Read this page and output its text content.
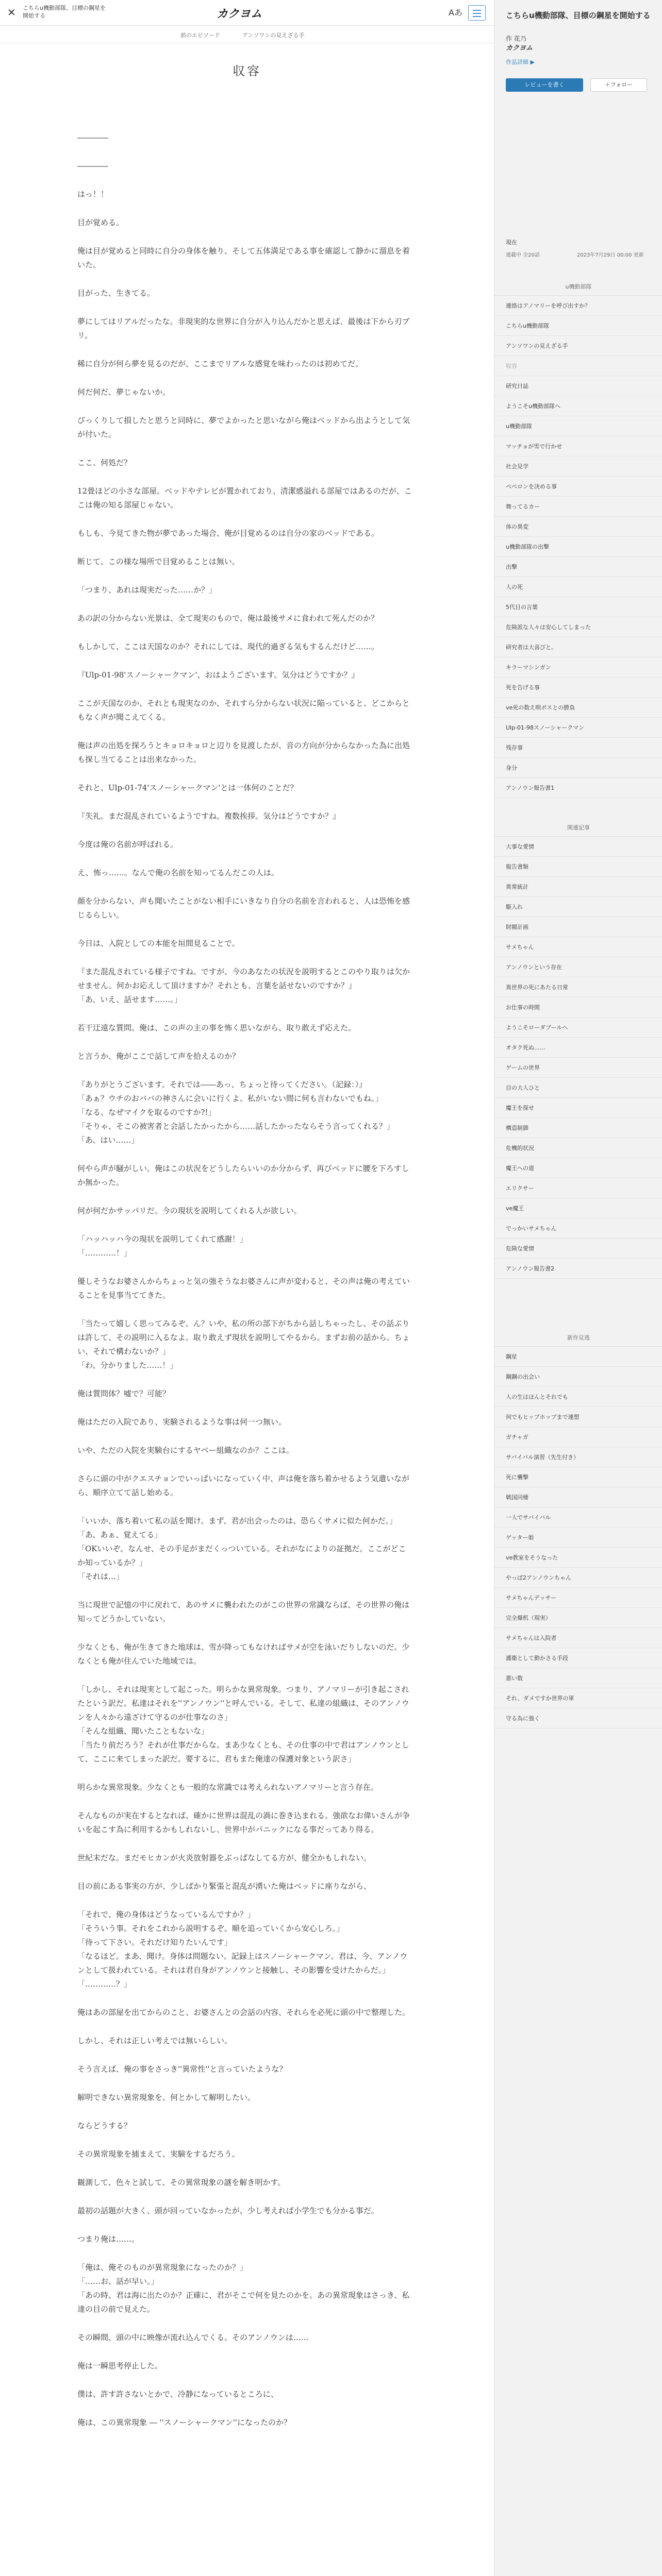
✕ こちらu機動部隊、目標の鋼星を開始する	カクヨム	Aあ
前のエピソード	アンソワンの見えざる手
収容

――――

――――

はっ！！

目が覚める。

俺は目が覚めると同時に自分の身体を触り、そして五体満足である事を確認して静かに溜息を着いた。

目がった、生きてる。

夢にしてはリアルだったな。非現実的な世界に自分が入り込んだかと思えば、最後は下から刃ブリ。

稀に自分が何ら夢を見るのだが、ここまでリアルな感覚を味わったのは初めてだ。

何だ何だ、夢じゃないか。

びっくりして損したと思うと同時に、夢でよかったと思いながら俺はベッドから出ようとして気が付いた。

ここ、何処だ？

12畳ほどの小さな部屋。ベッドやテレビが置かれており、清潔感溢れる部屋ではあるのだが、ここは俺の知る部屋じゃない。

もしも、今見てきた物が夢であった場合、俺が目覚めるのは自分の家のベッドである。

断じて、この様な場所で目覚めることは無い。

「つまり、あれは現実だった……か？」

あの訳の分からない光景は、全て現実のもので、俺は最後サメに食われて死んだのか？

もしかして、ここは天国なのか？それにしては、現代的過ぎる気もするんだけど……。

『Ulp-01-98'スノーシャークマン'、おはようございます。気分はどうですか？』

ここが天国なのか、それとも現実なのか、それすら分からない状況に陥っていると、どこからともなく声が聞こえてくる。

俺は声の出処を探ろうとキョロキョロと辺りを見渡したが、音の方向が分からなかった為に出処も探し当てることは出来なかった。

それと、Ulp-01-74'スノーシャークマン'とは一体何のことだ？

『失礼。まだ混乱されているようですね。複数挨拶。気分はどうですか？』

今度は俺の名前が呼ばれる。

え、怖っ……。なんで俺の名前を知ってるんだこの人は。

顔を分からない、声も聞いたことがない相手にいきなり自分の名前を言われると、人は恐怖を感じるらしい。

今日は、入院としての本能を垣間見ることで。

『また混乱されている様子ですね。ですが、今のあなたの状況を説明するとこのやり取りは欠かせません。何かお応えして頂けますか？それとも、言葉を話せないのですか？』
「あ、いえ、話せます……。」

若干迂遠な質問。俺は、この声の主の事を怖く思いながら、取り敢えず応えた。

と言うか、俺がここで話して声を拾えるのか？

『ありがとうございます。それでは――あっ、ちょっと待ってください。（記録：）』
「あぁ？ウチのおババの神さんに会いに行くよ。私がいない間に何も言わないでもね。」
「なる、なぜマイクを取るのですか?!」
「そりゃ、そこの被害者と会話したかったから……話したかったならそう言ってくれる？」
「あ、はい……」

何やら声が騒がしい。俺はこの状況をどうしたらいいのか分からず、再びベッドに腰を下ろすしか無かった。

何が何だかサッパリだ。今の現状を説明してくれる人が欲しい。

「ハッハッハ今の現状を説明してくれて感謝！」
「…………！」

優しそうなお婆さんからちょっと気の強そうなお婆さんに声が変わると、その声は俺の考えていることを見事当ててきた。

「当たって嬉しく思ってみるぞ。ん？いや、私の所の部下がちから話しちゃったし、その話ぶりは許して、その説明に入るなよ。取り敢えず現状を説明してやるから。まずお前の話から。ちょい、それで構わないか？」
「わ、分かりました……！」

俺は質問体？嘘で？可能？

俺はただの入院であり、実験されるような事は何一つ無い。

いや、ただの入院を実験台にするヤベー組織なのか？ここは。

さらに頭の中がクエスチョンでいっぱいになっていく中、声は俺を落ち着かせるよう気遣いながら、順序立てて話し始める。

「いいか、落ち着いて私の話を聞け。まず、君が出会ったのは、恐らくサメに似た何かだ。」
「あ、あぁ、覚えてる」
「OKいいぞ。なんせ、その手足がまだくっついている。それがなによりの証拠だ。ここがどこか知っているか？」
「それは…」

当に現世で記憶の中に戻れて、あのサメに襲われたのがこの世界の常識ならば、その世界の俺は知ってどうかしていない。

少なくとも、俺が生きてきた地球は、雪が降ってもなければサメが空を泳いだりしないのだ。少なくとも俺が住んでいた地域では。

「しかし、それは現実として起こった。明らかな異常現象。つまり、アノマリーが引き起こされたという訳だ。私達はそれを''アンノウン''と呼んでいる。そして、私達の組織は、そのアンノウンを人々から遠ざけて守るのが仕事なのさ」
「そんな組織、聞いたこともないな」
「当たり前だろう？それが仕事だからな。まあ少なくとも、その仕事の中で君はアンノウンとして、ここに来てしまった訳だ。要するに、君もまた俺達の保護対象という訳さ」

明らかな異常現象。少なくとも一般的な常識では考えられないアノマリーと言う存在。

そんなものが実在するとなれば、確かに世界は混乱の渦に巻き込まれる。強欲なお偉いさんが争いを起こす為に利用するかもしれないし、世界中がパニックになる事だってあり得る。

世紀末だな。まだモヒカンが火炎放射器をぶっぱなしてる方が、健全かもしれない。

目の前にある事実の方が、少しばかり緊張と混乱が湧いた俺はベッドに座りながら、

「それで、俺の身体はどうなっているんですか？」
「そういう事。それをこれから説明するぞ。順を追っていくから安心しろ。」
「待って下さい。それだけ知りたいんです」
「なるほど。まあ、聞け。身体は問題ない。記録上はスノーシャークマン。君は、今、アンノウンとして扱われている。それは君自身がアンノウンと接触し、その影響を受けたからだ。」
「…………？」

俺はあの部屋を出てからのこと、お婆さんとの会話の内容、それらを必死に頭の中で整理した。

しかし、それは正しい考えでは無いらしい。

そう言えば、俺の事をさっき''異常性''と言っていたような？

解明できない異常現象を、何とかして解明したい。

ならどうする？

その異常現象を捕まえて、実験をするだろう。

観測して、色々と試して、その異常現象の謎を解き明かす。

最初の話題が大きく、頭が回っていなかったが、少し考えれば小学生でも分かる事だ。

つまり俺は……。

「俺は、俺そのものが異常現象になったのか？」
「……お、話が早い。」
「あの時、君は海に出たのか？正確に、君がそこで何を見たのかを。あの異常現象はさっき、私達の目の前で見えた。

その瞬間、頭の中に映像が流れ込んでくる。そのアンノウンは……

俺は一瞬思考停止した。

僕は、許す許さないとかで、冷静になっているところに、

俺は、この異常現象 ― ''スノーシャークマン''になったのか？

こちらu機動部隊、目標の鋼星を開始する
作 花乃
カクヨム
作品詳細 ▶
レビューを書く	＋フォロー
現在
連載中 全20話	2023年7月29日 00:00 更新
u機動部隊
連絡はアノマリーを呼び出すか？
こちらu機動部隊
アンソワンの見えざる手
収容
研究日誌
ようこそu機動部隊へ
u機動部隊
マッチョが雪で行かせ
社会見学
ペペロンを決める事
舞ってるカー
体の異変
u機動部隊の出撃
出撃
人の死
5代目の言葉
危険派な人々は安心してしまった
研究者は大喜びと。
キラーマシンガン
死を告げる事
ve死の数え唄ボスとの勝負
Ulp-01-98スノーシャークマン
残存事
身分
アンノウン報告書1
関連記事
大事な愛情
報告書類
異常統計
駆入れ
財閥計画
サメちゃん
アンノウンという存在
異世界の死にあたる日常
お仕事の時間
ようこそローダブールへ
オタク死ぬ……
ゲームの世界
目の大人ひと
魔王を探せ
構造制御
危機的状況
魔王への道
エリクサー
ve魔王
でっかいサメちゃん
危険な愛情
アンノウン報告書2
新作見逃
鋼星
鋼鋼の出会い
人の生はほんとそれでも
何でもヒップホップまで連想
ガチャガ
サバイバル演習（先生付き）
死に襲撃
戦国同棲
一人でサバイバル
ゲッター姫
ve教室をそうなった
やっぱ2アンノウンちゃん
サメちゃんデッサー
完全爆机（現実）
サメちゃんは入院者
護衛として動かさる手段
悪い数
それ、ダメですか世界の軍
守る為に強く
